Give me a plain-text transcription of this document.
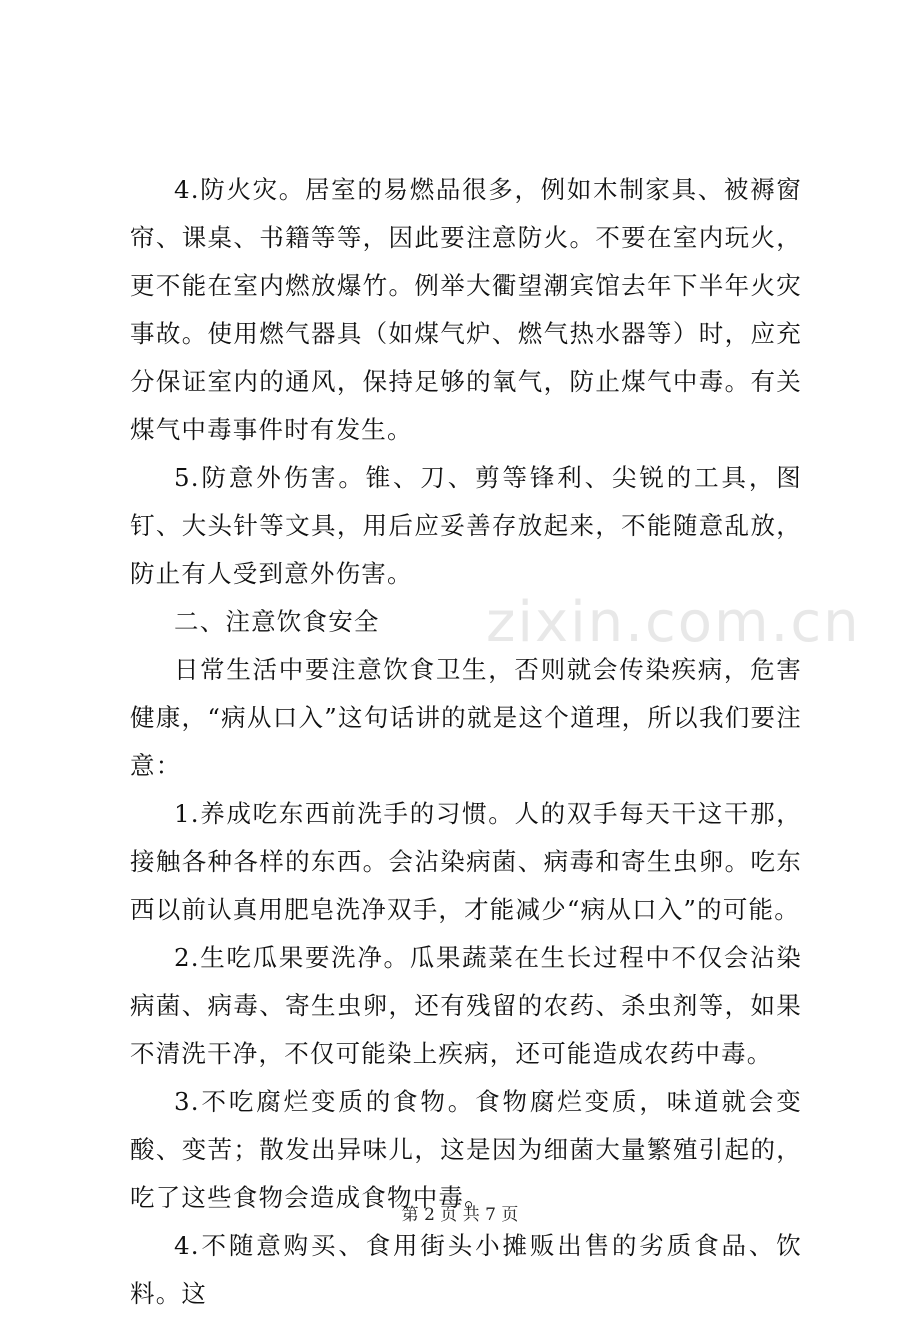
zixin.com.cn

4.防火灾。居室的易燃品很多，例如木制家具、被褥窗帘、课桌、书籍等等，因此要注意防火。不要在室内玩火，更不能在室内燃放爆竹。例举大衢望潮宾馆去年下半年火灾事故。使用燃气器具（如煤气炉、燃气热水器等）时，应充分保证室内的通风，保持足够的氧气，防止煤气中毒。有关煤气中毒事件时有发生。

5.防意外伤害。锥、刀、剪等锋利、尖锐的工具，图钉、大头针等文具，用后应妥善存放起来，不能随意乱放，防止有人受到意外伤害。

二、注意饮食安全

日常生活中要注意饮食卫生，否则就会传染疾病，危害健康，“病从口入”这句话讲的就是这个道理，所以我们要注意：

1.养成吃东西前洗手的习惯。人的双手每天干这干那，接触各种各样的东西。会沾染病菌、病毒和寄生虫卵。吃东西以前认真用肥皂洗净双手，才能减少“病从口入”的可能。

2.生吃瓜果要洗净。瓜果蔬菜在生长过程中不仅会沾染病菌、病毒、寄生虫卵，还有残留的农药、杀虫剂等，如果不清洗干净，不仅可能染上疾病，还可能造成农药中毒。

3.不吃腐烂变质的食物。食物腐烂变质，味道就会变酸、变苦；散发出异味儿，这是因为细菌大量繁殖引起的，吃了这些食物会造成食物中毒。

4.不随意购买、食用街头小摊贩出售的劣质食品、饮料。这

第 2 页 共 7 页
